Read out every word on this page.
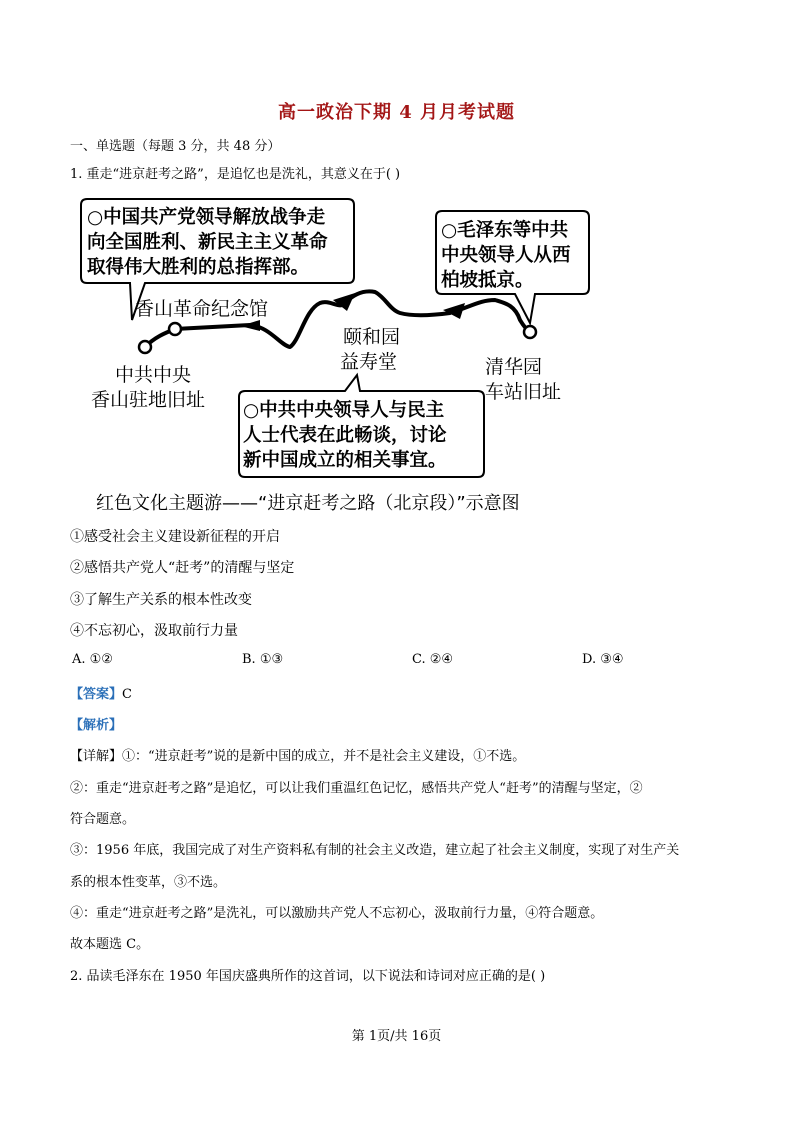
高一政治下期 4 月月考试题
一、单选题（每题 3 分，共 48 分）
1. 重走“进京赶考之路”，是追忆也是洗礼，其意义在于( )
○中国共产党领导解放战争走
向全国胜利、新民主主义革命
取得伟大胜利的总指挥部。
○毛泽东等中共
中央领导人从西
柏坡抵京。
○中共中央领导人与民主
人士代表在此畅谈，讨论
新中国成立的相关事宜。
香山革命纪念馆
中共中央
香山驻地旧址
颐和园
益寿堂	清华园
车站旧址
红色文化主题游——“进京赶考之路（北京段）”示意图
①感受社会主义建设新征程的开启
②感悟共产党人“赶考”的清醒与坚定
③了解生产关系的根本性改变
④不忘初心，汲取前行力量
A. ①②	B. ①③	C. ②④	D. ③④
【答案】C
【解析】
【详解】①：“进京赶考”说的是新中国的成立，并不是社会主义建设，①不选。
②：重走“进京赶考之路”是追忆，可以让我们重温红色记忆，感悟共产党人“赶考”的清醒与坚定，②
符合题意。
③：1956 年底，我国完成了对生产资料私有制的社会主义改造，建立起了社会主义制度，实现了对生产关
系的根本性变革，③不选。
④：重走“进京赶考之路”是洗礼，可以激励共产党人不忘初心，汲取前行力量，④符合题意。
故本题选 C。
2. 品读毛泽东在 1950 年国庆盛典所作的这首词，以下说法和诗词对应正确的是( )
第 1页/共 16页
